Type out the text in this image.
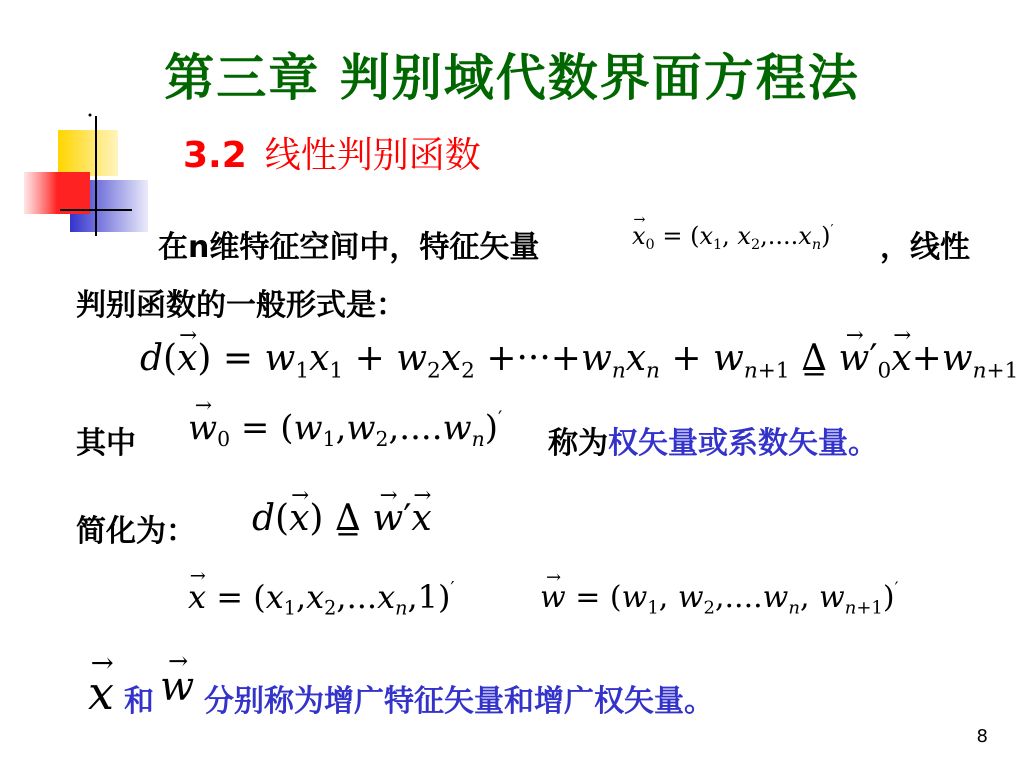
第三章 判别域代数界面方程法
3.2 线性判别函数
在n维特征空间中，特征矢量	→ $x_0 = (x_1$, $x_2,....x_n)'$
，线性
判别函数的一般形式是：
$d(\to x) = w_1x_1 + w_2x_2 +\cdot\cdot\cdot+w_nx_n + w_{n+1}$ Δ = → $w'_0\to x+w_{n+1}$
其中 → $w_0 = (w_1,w_2,....w_n)'$
称为权矢量或系数矢量。
简化为： d(→ x) Δ = → w′→ x
→ $x = (x_1,x_2,...x_n,1)'$	→ $w = (w_1$, $w_2,....w_n$, $w_{n+1})'$
→ x 和 → w 分别称为增广特征矢量和增广权矢量。
8
